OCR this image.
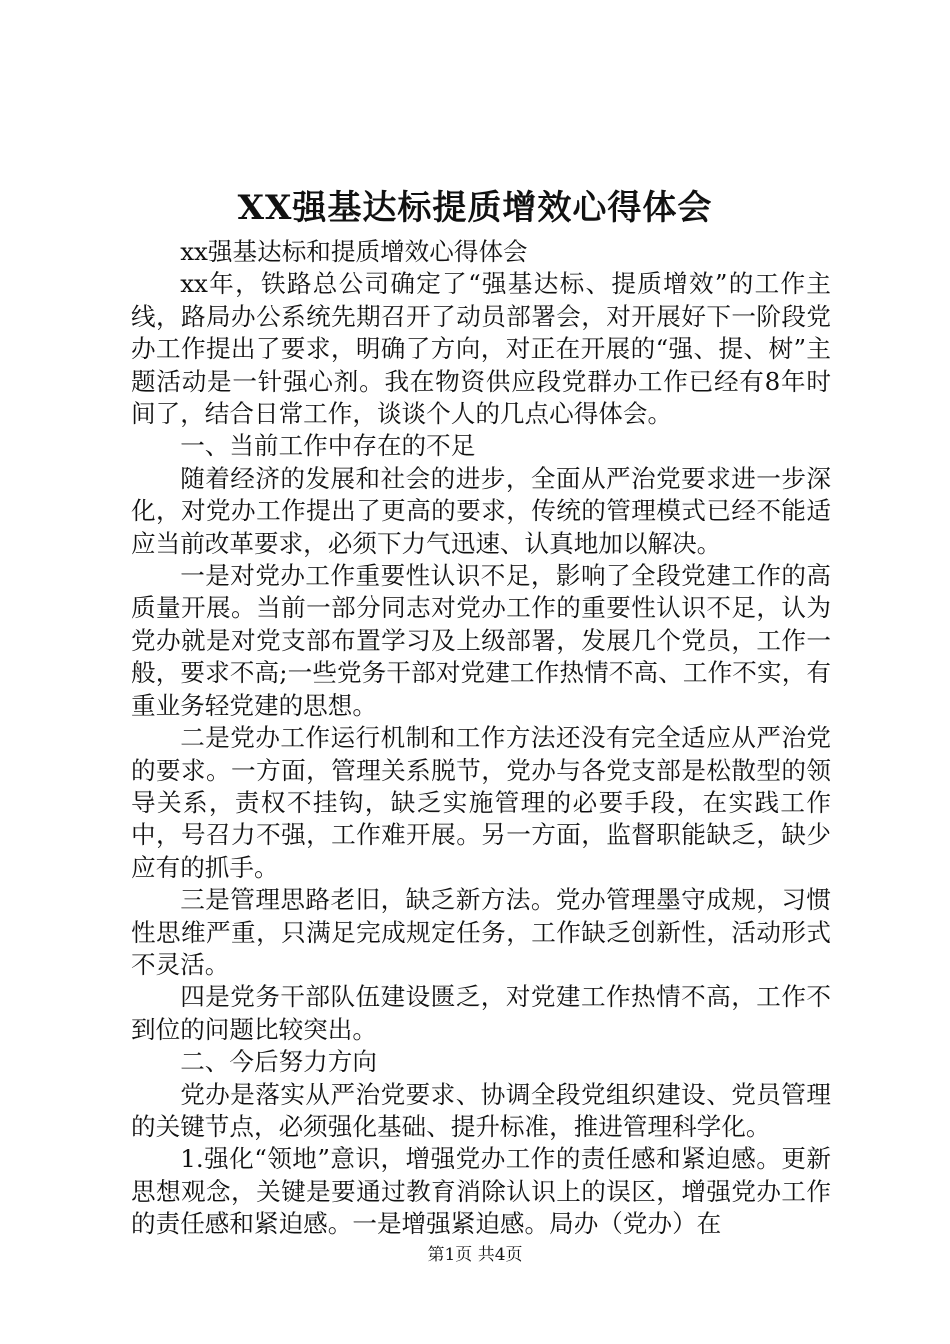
XX强基达标提质增效心得体会

xx强基达标和提质增效心得体会

xx年，铁路总公司确定了“强基达标、提质增效”的工作主线，路局办公系统先期召开了动员部署会，对开展好下一阶段党办工作提出了要求，明确了方向，对正在开展的“强、提、树”主题活动是一针强心剂。我在物资供应段党群办工作已经有8年时间了，结合日常工作，谈谈个人的几点心得体会。

一、当前工作中存在的不足

随着经济的发展和社会的进步，全面从严治党要求进一步深化，对党办工作提出了更高的要求，传统的管理模式已经不能适应当前改革要求，必须下力气迅速、认真地加以解决。

一是对党办工作重要性认识不足，影响了全段党建工作的高质量开展。当前一部分同志对党办工作的重要性认识不足，认为党办就是对党支部布置学习及上级部署，发展几个党员，工作一般，要求不高;一些党务干部对党建工作热情不高、工作不实，有重业务轻党建的思想。

二是党办工作运行机制和工作方法还没有完全适应从严治党的要求。一方面，管理关系脱节，党办与各党支部是松散型的领导关系，责权不挂钩，缺乏实施管理的必要手段，在实践工作中，号召力不强，工作难开展。另一方面，监督职能缺乏，缺少应有的抓手。

三是管理思路老旧，缺乏新方法。党办管理墨守成规，习惯性思维严重，只满足完成规定任务，工作缺乏创新性，活动形式不灵活。

四是党务干部队伍建设匮乏，对党建工作热情不高，工作不到位的问题比较突出。

二、今后努力方向

党办是落实从严治党要求、协调全段党组织建设、党员管理的关键节点，必须强化基础、提升标准，推进管理科学化。

1.强化“领地”意识，增强党办工作的责任感和紧迫感。更新思想观念，关键是要通过教育消除认识上的误区，增强党办工作的责任感和紧迫感。一是增强紧迫感。局办（党办）在

第1页 共4页
